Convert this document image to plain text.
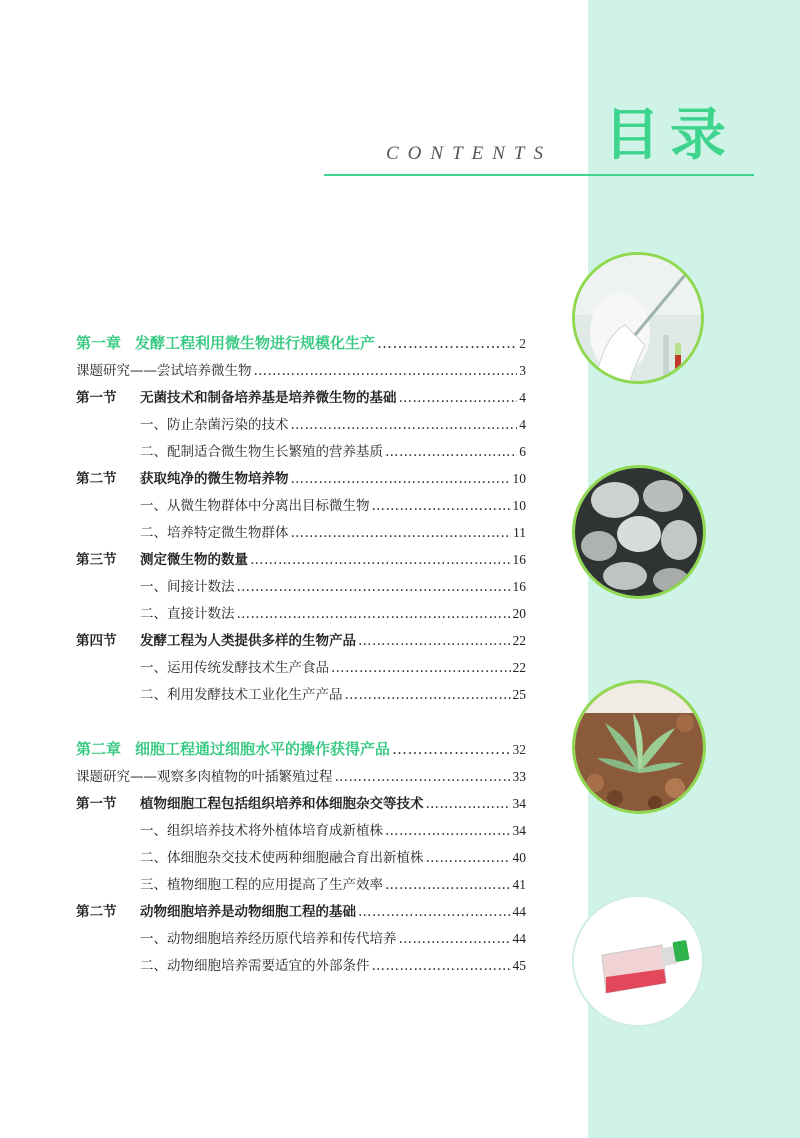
CONTENTS 目录
第一章 发酵工程利用微生物进行规模化生产 …………………………………………………………………………………………………………………………………	2
课题研究——尝试培养微生物 …………………………………………………………………………………………………………………………………	3
第一节 无菌技术和制备培养基是培养微生物的基础 …………………………………………………………………………………………………………………………………	4
一、防止杂菌污染的技术 …………………………………………………………………………………………………………………………………	4
二、配制适合微生物生长繁殖的营养基质 …………………………………………………………………………………………………………………………………	6
第二节 获取纯净的微生物培养物 …………………………………………………………………………………………………………………………………	10
一、从微生物群体中分离出目标微生物 …………………………………………………………………………………………………………………………………	10
二、培养特定微生物群体 …………………………………………………………………………………………………………………………………	11
第三节 测定微生物的数量 …………………………………………………………………………………………………………………………………	16
一、间接计数法 …………………………………………………………………………………………………………………………………	16
二、直接计数法 …………………………………………………………………………………………………………………………………	20
第四节 发酵工程为人类提供多样的生物产品 …………………………………………………………………………………………………………………………………	22
一、运用传统发酵技术生产食品 …………………………………………………………………………………………………………………………………	22
二、利用发酵技术工业化生产产品 …………………………………………………………………………………………………………………………………	25
第二章 细胞工程通过细胞水平的操作获得产品 …………………………………………………………………………………………………………………………………	32
课题研究——观察多肉植物的叶插繁殖过程 …………………………………………………………………………………………………………………………………	33
第一节 植物细胞工程包括组织培养和体细胞杂交等技术 …………………………………………………………………………………………………………………………………	34
一、组织培养技术将外植体培育成新植株 …………………………………………………………………………………………………………………………………	34
二、体细胞杂交技术使两种细胞融合育出新植株 …………………………………………………………………………………………………………………………………	40
三、植物细胞工程的应用提高了生产效率 …………………………………………………………………………………………………………………………………	41
第二节 动物细胞培养是动物细胞工程的基础 …………………………………………………………………………………………………………………………………	44
一、动物细胞培养经历原代培养和传代培养 …………………………………………………………………………………………………………………………………	44
二、动物细胞培养需要适宜的外部条件 …………………………………………………………………………………………………………………………………	45
